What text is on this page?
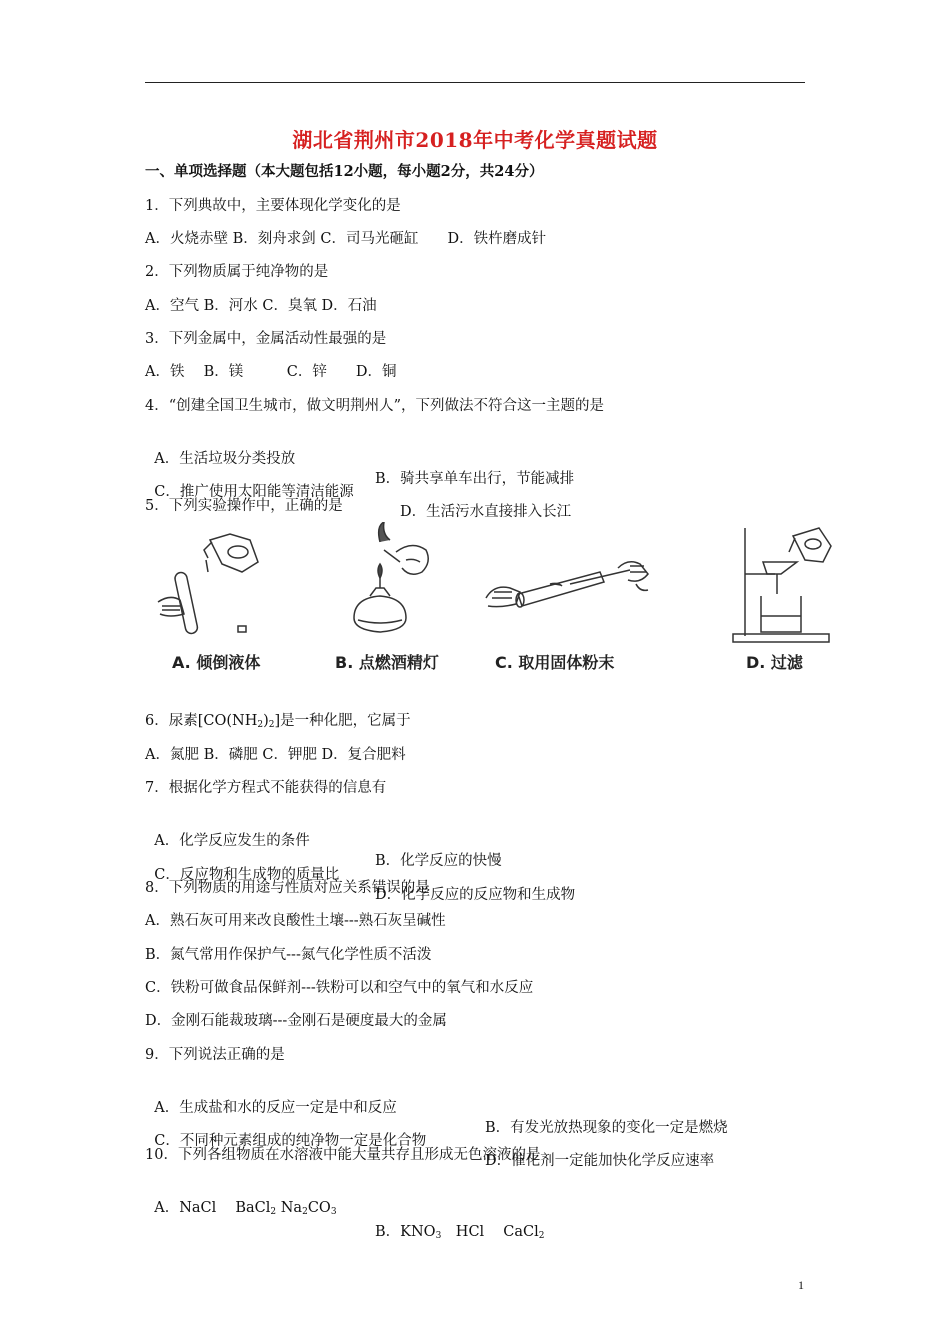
湖北省荆州市2018年中考化学真题试题
一、单项选择题（本大题包括12小题，每小题2分，共24分）
1．下列典故中，主要体现化学变化的是
A．火烧赤壁 B．刻舟求剑 C．司马光砸缸　　D．铁杵磨成针
2．下列物质属于纯净物的是
A．空气 B．河水 C．臭氧 D．石油
3．下列金属中，金属活动性最强的是
A．铁　 B．镁　　　C．锌　　D．铜
4．“创建全国卫生城市，做文明荆州人”，下列做法不符合这一主题的是

A．生活垃圾分类投放

B．骑共享单车出行，节能减排

C．推广使用太阳能等清洁能源

D．生活污水直接排入长江

5．下列实验操作中，正确的是
A. 倾倒液体	B. 点燃酒精灯	C. 取用固体粉末	D. 过滤
6．尿素$[CO(NH_2)_2]$是一种化肥，它属于
A．氮肥 B．磷肥 C．钾肥 D．复合肥料
7．根据化学方程式不能获得的信息有

A．化学反应发生的条件

B．化学反应的快慢

C．反应物和生成物的质量比

D．化学反应的反应物和生成物

8．下列物质的用途与性质对应关系错误的是
A．熟石灰可用来改良酸性土壤---熟石灰呈碱性
B．氮气常用作保护气---氮气化学性质不活泼
C．铁粉可做食品保鲜剂---铁粉可以和空气中的氧气和水反应
D．金刚石能裁玻璃---金刚石是硬度最大的金属
9．下列说法正确的是

A．生成盐和水的反应一定是中和反应

B．有发光放热现象的变化一定是燃烧

C．不同种元素组成的纯净物一定是化合物

D．催化剂一定能加快化学反应速率

10．下列各组物质在水溶液中能大量共存且形成无色溶液的是

A．NaCl　 BaCl$_2$ $Na_2CO_3$

B．$KNO_3$　HCl　 CaCl$_2$

1
